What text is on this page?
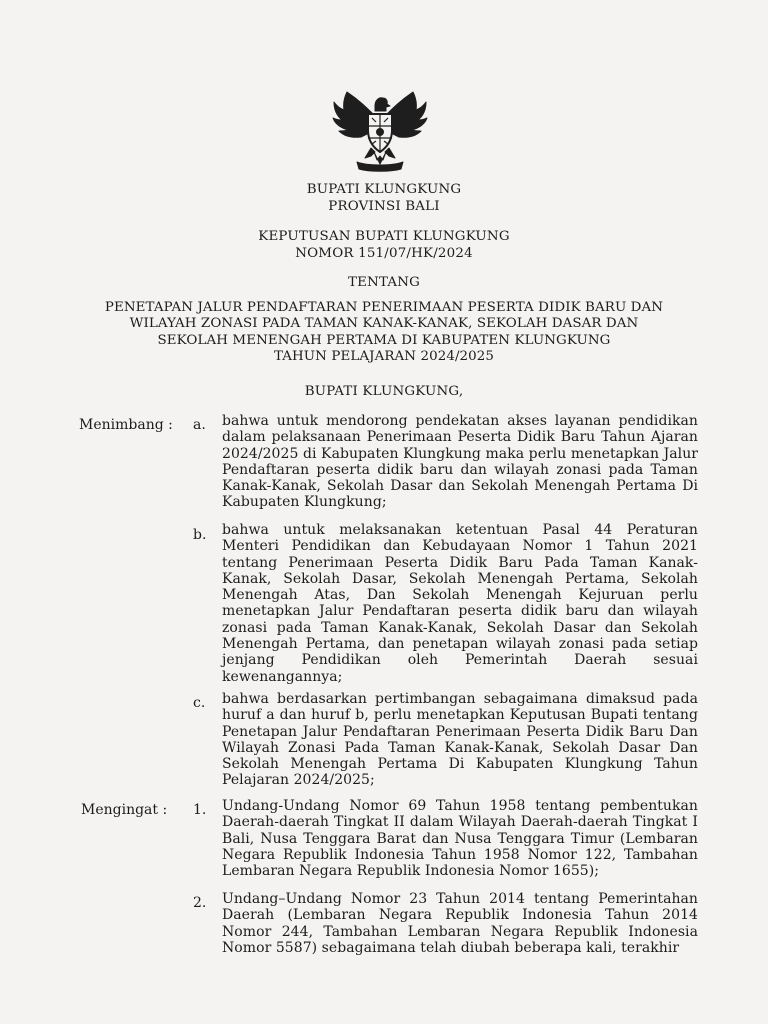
BUPATI KLUNGKUNG
PROVINSI BALI
KEPUTUSAN BUPATI KLUNGKUNG
NOMOR 151/07/HK/2024
TENTANG
PENETAPAN JALUR PENDAFTARAN PENERIMAAN PESERTA DIDIK BARU DAN
WILAYAH ZONASI PADA TAMAN KANAK-KANAK, SEKOLAH DASAR DAN
SEKOLAH MENENGAH PERTAMA DI KABUPATEN KLUNGKUNG
TAHUN PELAJARAN 2024/2025
BUPATI KLUNGKUNG,
Menimbang : a. bahwa untuk mendorong pendekatan akses layanan pendidikan dalam pelaksanaan Penerimaan Peserta Didik Baru Tahun Ajaran 2024/2025 di Kabupaten Klungkung maka perlu menetapkan Jalur Pendaftaran peserta didik baru dan wilayah zonasi pada Taman Kanak-Kanak, Sekolah Dasar dan Sekolah Menengah Pertama Di Kabupaten Klungkung;
b. bahwa untuk melaksanakan ketentuan Pasal 44 Peraturan Menteri Pendidikan dan Kebudayaan Nomor 1 Tahun 2021 tentang Penerimaan Peserta Didik Baru Pada Taman Kanak-Kanak, Sekolah Dasar, Sekolah Menengah Pertama, Sekolah Menengah Atas, Dan Sekolah Menengah Kejuruan perlu menetapkan Jalur Pendaftaran peserta didik baru dan wilayah zonasi pada Taman Kanak-Kanak, Sekolah Dasar dan Sekolah Menengah Pertama, dan penetapan wilayah zonasi pada setiap jenjang Pendidikan oleh Pemerintah Daerah sesuai kewenangannya;
c. bahwa berdasarkan pertimbangan sebagaimana dimaksud pada huruf a dan huruf b, perlu menetapkan Keputusan Bupati tentang Penetapan Jalur Pendaftaran Penerimaan Peserta Didik Baru Dan Wilayah Zonasi Pada Taman Kanak-Kanak, Sekolah Dasar Dan Sekolah Menengah Pertama Di Kabupaten Klungkung Tahun Pelajaran 2024/2025;
Mengingat : 1. Undang-Undang Nomor 69 Tahun 1958 tentang pembentukan Daerah-daerah Tingkat II dalam Wilayah Daerah-daerah Tingkat I Bali, Nusa Tenggara Barat dan Nusa Tenggara Timur (Lembaran Negara Republik Indonesia Tahun 1958 Nomor 122, Tambahan Lembaran Negara Republik Indonesia Nomor 1655);
2. Undang–Undang Nomor 23 Tahun 2014 tentang Pemerintahan Daerah (Lembaran Negara Republik Indonesia Tahun 2014 Nomor 244, Tambahan Lembaran Negara Republik Indonesia Nomor 5587) sebagaimana telah diubah beberapa kali, terakhir
